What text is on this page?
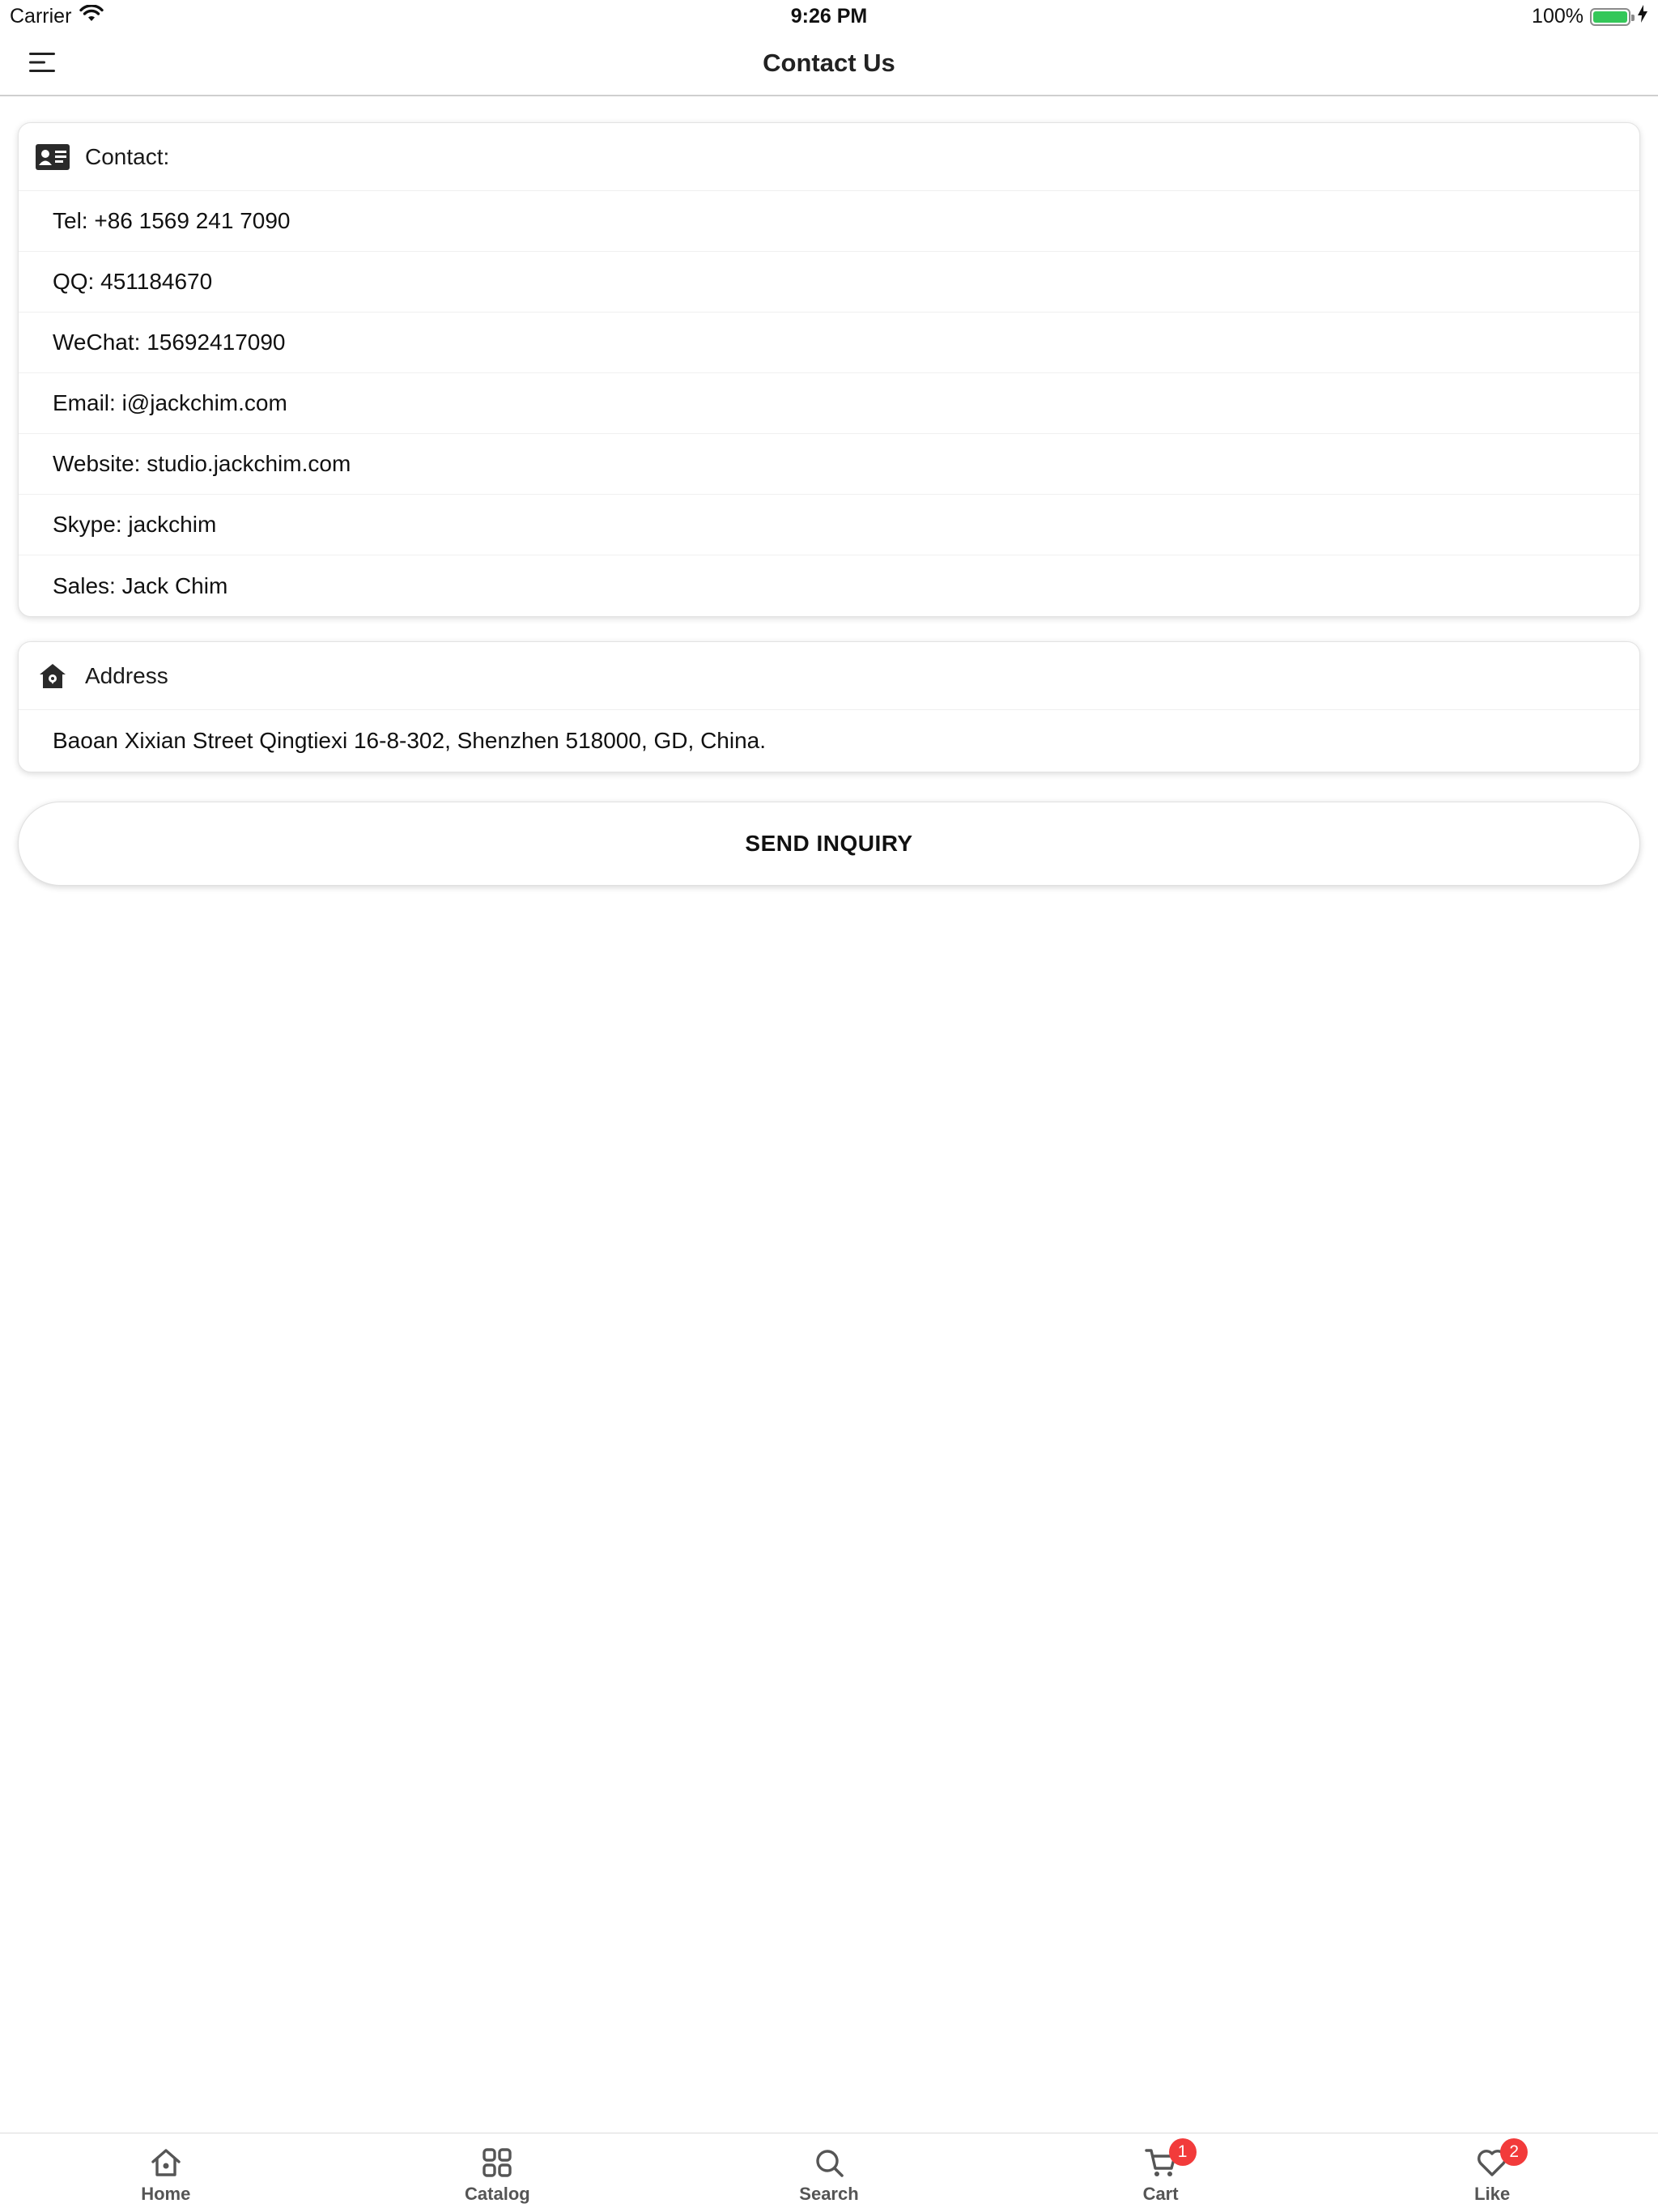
Carrier	9:26 PM	100%
Contact Us
Contact:
Tel: +86 1569 241 7090
QQ: 451184670
WeChat: 15692417090
Email: i@jackchim.com
Website: studio.jackchim.com
Skype: jackchim
Sales: Jack Chim
Address
Baoan Xixian Street Qingtiexi 16-8-302, Shenzhen 518000, GD, China.
SEND INQUIRY
Home	Catalog	Search
1
Cart
2
Like
